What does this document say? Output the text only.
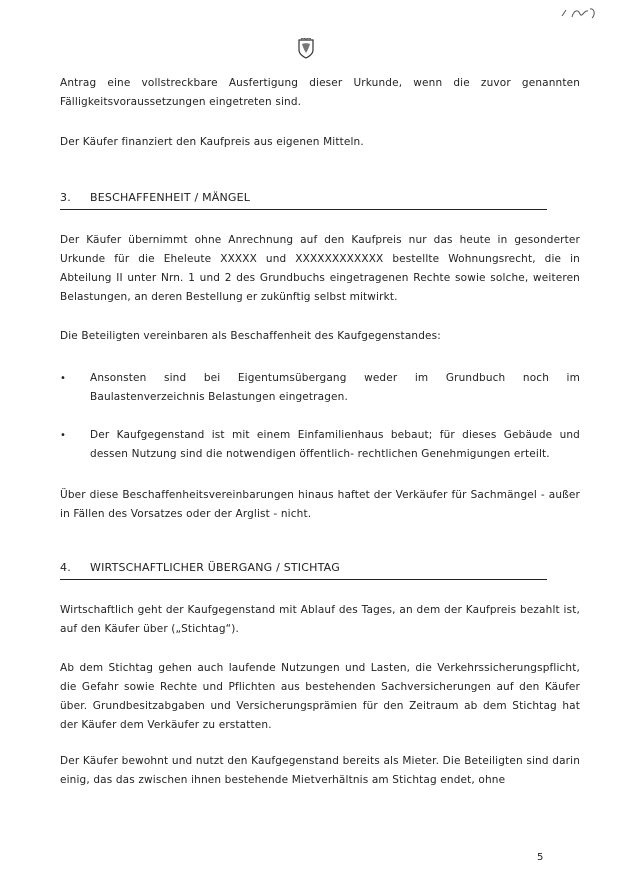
Antrag eine vollstreckbare Ausfertigung dieser Urkunde, wenn die zuvor genannten Fälligkeitsvoraussetzungen eingetreten sind.

Der Käufer finanziert den Kaufpreis aus eigenen Mitteln.

3. BESCHAFFENHEIT / MÄNGEL

Der Käufer übernimmt ohne Anrechnung auf den Kaufpreis nur das heute in gesonderter Urkunde für die Eheleute XXXXX und XXXXXXXXXXXX bestellte Wohnungsrecht, die in Abteilung II unter Nrn. 1 und 2 des Grundbuchs eingetragenen Rechte sowie solche, weiteren Belastungen, an deren Bestellung er zukünftig selbst mitwirkt.

Die Beteiligten vereinbaren als Beschaffenheit des Kaufgegenstandes:

• Ansonsten sind bei Eigentumsübergang weder im Grundbuch noch im Baulastenverzeichnis Belastungen eingetragen.
• Der Kaufgegenstand ist mit einem Einfamilienhaus bebaut; für dieses Gebäude und dessen Nutzung sind die notwendigen öffentlich- rechtlichen Genehmigungen erteilt.

Über diese Beschaffenheitsvereinbarungen hinaus haftet der Verkäufer für Sachmängel - außer in Fällen des Vorsatzes oder der Arglist - nicht.

4. WIRTSCHAFTLICHER ÜBERGANG / STICHTAG

Wirtschaftlich geht der Kaufgegenstand mit Ablauf des Tages, an dem der Kaufpreis bezahlt ist, auf den Käufer über („Stichtag“).

Ab dem Stichtag gehen auch laufende Nutzungen und Lasten, die Verkehrssicherungspflicht, die Gefahr sowie Rechte und Pflichten aus bestehenden Sachversicherungen auf den Käufer über. Grundbesitzabgaben und Versicherungsprämien für den Zeitraum ab dem Stichtag hat der Käufer dem Verkäufer zu erstatten.

Der Käufer bewohnt und nutzt den Kaufgegenstand bereits als Mieter. Die Beteiligten sind darin einig, das das zwischen ihnen bestehende Mietverhältnis am Stichtag endet, ohne

5
